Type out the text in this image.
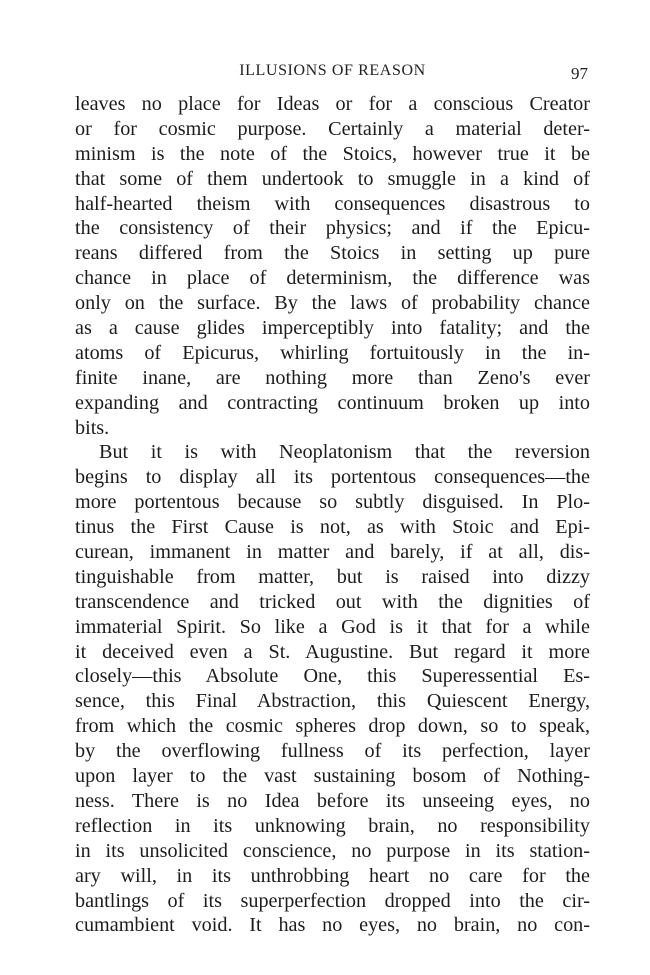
ILLUSIONS OF REASON	97
leaves no place for Ideas or for a conscious Creator
or for cosmic purpose. Certainly a material deter-
minism is the note of the Stoics, however true it be
that some of them undertook to smuggle in a kind of
half-hearted theism with consequences disastrous to
the consistency of their physics; and if the Epicu-
reans differed from the Stoics in setting up pure
chance in place of determinism, the difference was
only on the surface. By the laws of probability chance
as a cause glides imperceptibly into fatality; and the
atoms of Epicurus, whirling fortuitously in the in-
finite inane, are nothing more than Zeno's ever
expanding and contracting continuum broken up into
bits.
But it is with Neoplatonism that the reversion
begins to display all its portentous consequences—the
more portentous because so subtly disguised. In Plo-
tinus the First Cause is not, as with Stoic and Epi-
curean, immanent in matter and barely, if at all, dis-
tinguishable from matter, but is raised into dizzy
transcendence and tricked out with the dignities of
immaterial Spirit. So like a God is it that for a while
it deceived even a St. Augustine. But regard it more
closely—this Absolute One, this Superessential Es-
sence, this Final Abstraction, this Quiescent Energy,
from which the cosmic spheres drop down, so to speak,
by the overflowing fullness of its perfection, layer
upon layer to the vast sustaining bosom of Nothing-
ness. There is no Idea before its unseeing eyes, no
reflection in its unknowing brain, no responsibility
in its unsolicited conscience, no purpose in its station-
ary will, in its unthrobbing heart no care for the
bantlings of its superperfection dropped into the cir-
cumambient void. It has no eyes, no brain, no con-
